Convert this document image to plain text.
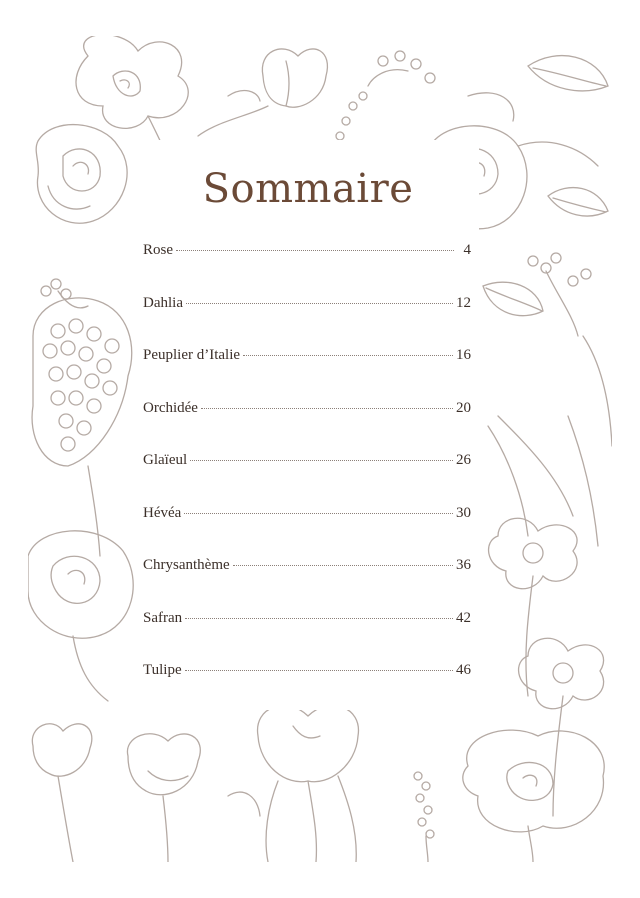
Sommaire
Rose	4
Dahlia	12
Peuplier d’Italie	16
Orchidée	20
Glaïeul	26
Hévéa	30
Chrysanthème	36
Safran	42
Tulipe	46
